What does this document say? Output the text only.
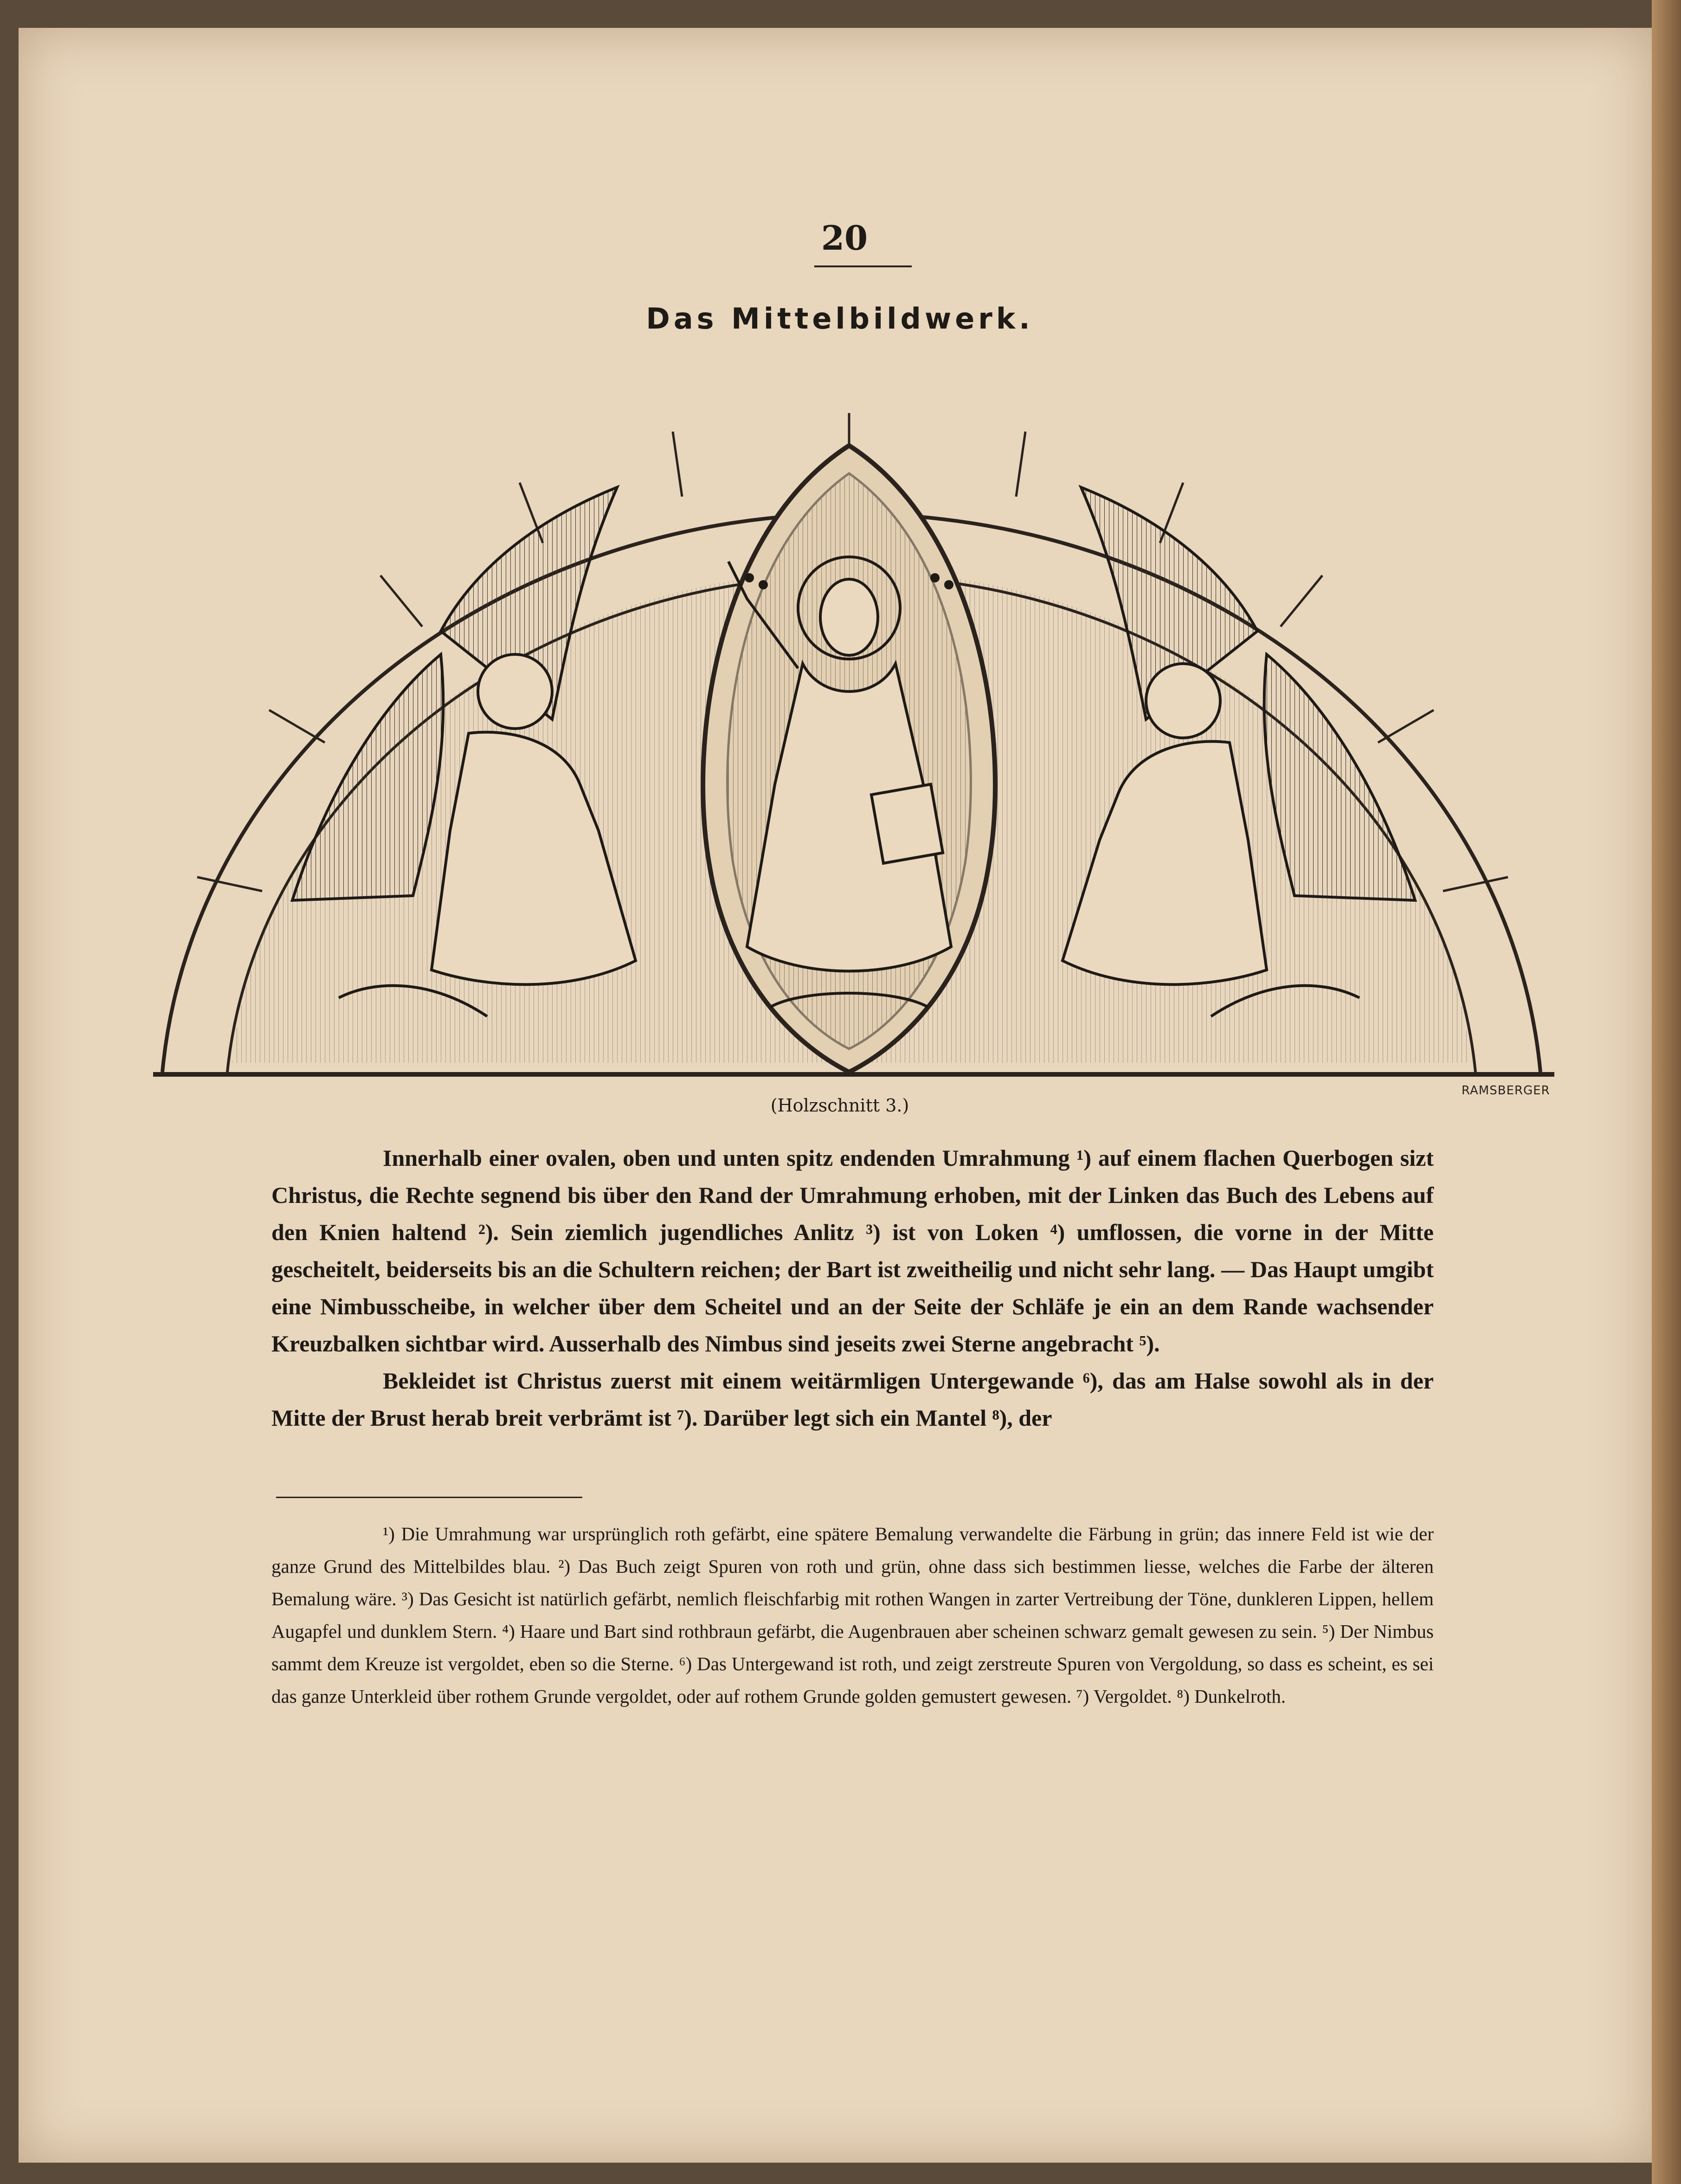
20
Das Mittelbildwerk.
RAMSBERGER
(Holzschnitt 3.)

Innerhalb einer ovalen, oben und unten spitz endenden Umrahmung ¹) auf einem flachen Querbogen sizt Christus, die Rechte segnend bis über den Rand der Umrahmung erhoben, mit der Linken das Buch des Lebens auf den Knien haltend ²). Sein ziemlich jugendliches Anlitz ³) ist von Loken ⁴) umflossen, die vorne in der Mitte gescheitelt, beiderseits bis an die Schultern reichen; der Bart ist zweitheilig und nicht sehr lang. — Das Haupt umgibt eine Nimbusscheibe, in welcher über dem Scheitel und an der Seite der Schläfe je ein an dem Rande wachsender Kreuzbalken sichtbar wird. Ausserhalb des Nimbus sind jeseits zwei Sterne angebracht ⁵).

Bekleidet ist Christus zuerst mit einem weitärmligen Untergewande ⁶), das am Halse sowohl als in der Mitte der Brust herab breit verbrämt ist ⁷). Darüber legt sich ein Mantel ⁸), der

¹) Die Umrahmung war ursprünglich roth gefärbt, eine spätere Bemalung verwandelte die Färbung in grün; das innere Feld ist wie der ganze Grund des Mittelbildes blau. ²) Das Buch zeigt Spuren von roth und grün, ohne dass sich bestimmen liesse, welches die Farbe der älteren Bemalung wäre. ³) Das Gesicht ist natürlich gefärbt, nemlich fleischfarbig mit rothen Wangen in zarter Vertreibung der Töne, dunkleren Lippen, hellem Augapfel und dunklem Stern. ⁴) Haare und Bart sind rothbraun gefärbt, die Augenbrauen aber scheinen schwarz gemalt gewesen zu sein. ⁵) Der Nimbus sammt dem Kreuze ist vergoldet, eben so die Sterne. ⁶) Das Untergewand ist roth, und zeigt zerstreute Spuren von Vergoldung, so dass es scheint, es sei das ganze Unterkleid über rothem Grunde vergoldet, oder auf rothem Grunde golden gemustert gewesen. ⁷) Vergoldet. ⁸) Dunkelroth.
